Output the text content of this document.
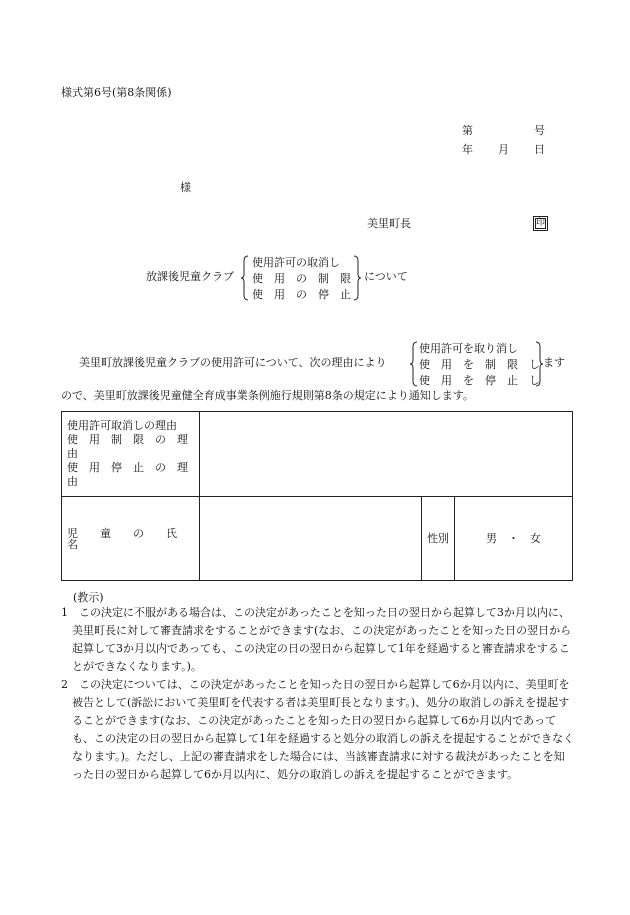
様式第6号(第8条関係)
第	号
年 月 日
様
美里町長	印
放課後児童クラブ
使用許可の取消し
使　用　の　制　限
使　用　の　停　止
について
美里町放課後児童クラブの使用許可について、次の理由により
使用許可を取り消し
使　用　を　制　限　し
使　用　を　停　止　し
ます
ので、美里町放課後児童健全育成事業条例施行規則第8条の規定により通知します。
使用許可取消しの理由
使　用　制　限　の　理　由
使　用　停　止　の　理　由			

児　　童　　の　　氏　　名		性別	男　・　女
(教示)

1　この決定に不服がある場合は、この決定があったことを知った日の翌日から起算して3か月以内に、美里町長に対して審査請求をすることができます(なお、この決定があったことを知った日の翌日から起算して3か月以内であっても、この決定の日の翌日から起算して1年を経過すると審査請求をすることができなくなります。)。

2　この決定については、この決定があったことを知った日の翌日から起算して6か月以内に、美里町を被告として(訴訟において美里町を代表する者は美里町長となります。)、処分の取消しの訴えを提起することができます(なお、この決定があったことを知った日の翌日から起算して6か月以内であっても、この決定の日の翌日から起算して1年を経過すると処分の取消しの訴えを提起することができなくなります。)。ただし、上記の審査請求をした場合には、当該審査請求に対する裁決があったことを知った日の翌日から起算して6か月以内に、処分の取消しの訴えを提起することができます。
